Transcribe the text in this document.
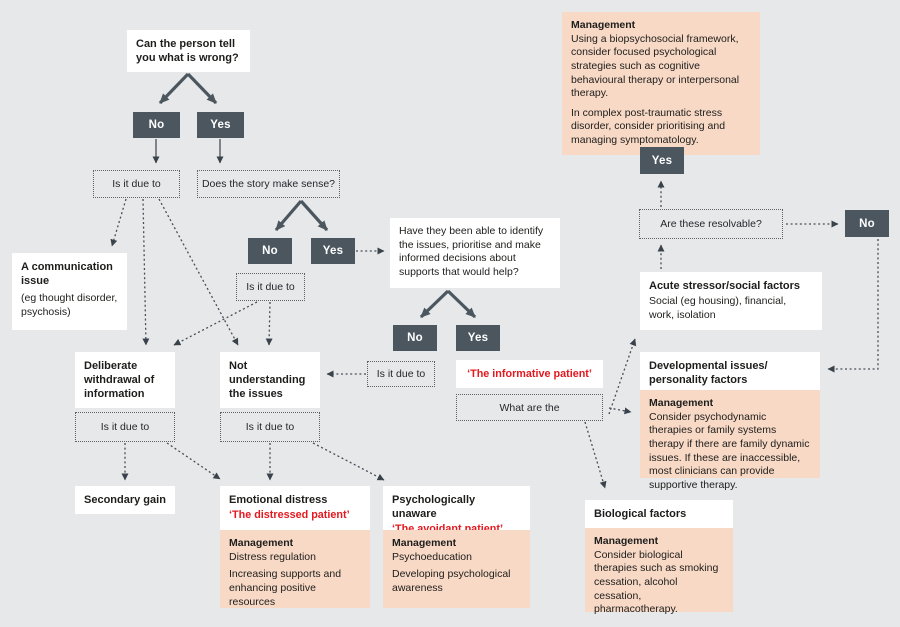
Can the person tell you what is wrong?
No	Yes
Is it due to	Does the story make sense?
No	Yes
Is it due to
Have they been able to identify the issues, prioritise and make informed decisions about supports that would help?
No	Yes
Is it due to	‘The informative patient’
What are the
A communication issue
(eg thought disorder, psychosis)
Deliberate withdrawal of information
Is it due to
Not understanding the issues
Is it due to
Secondary gain	Emotional distress
‘The distressed patient’
Management
Distress regulation
Increasing supports and enhancing positive resources
Psychologically unaware
Management
Psychoeducation
Developing psychological awareness
Management
Using a biopsychosocial framework, consider focused psychological strategies such as cognitive behavioural therapy or interpersonal therapy.
In complex post-traumatic stress disorder, consider prioritising and managing symptomatology.
Yes
Are these resolvable?	No
Acute stressor/social factors
Social (eg housing), financial, work, isolation
Developmental issues/ personality factors
Management
Consider psychodynamic therapies or family systems therapy if there are family dynamic issues. If these are inaccessible, most clinicians can provide supportive therapy.
Biological factors
Management
Consider biological therapies such as smoking cessation, alcohol cessation, pharmacotherapy.
